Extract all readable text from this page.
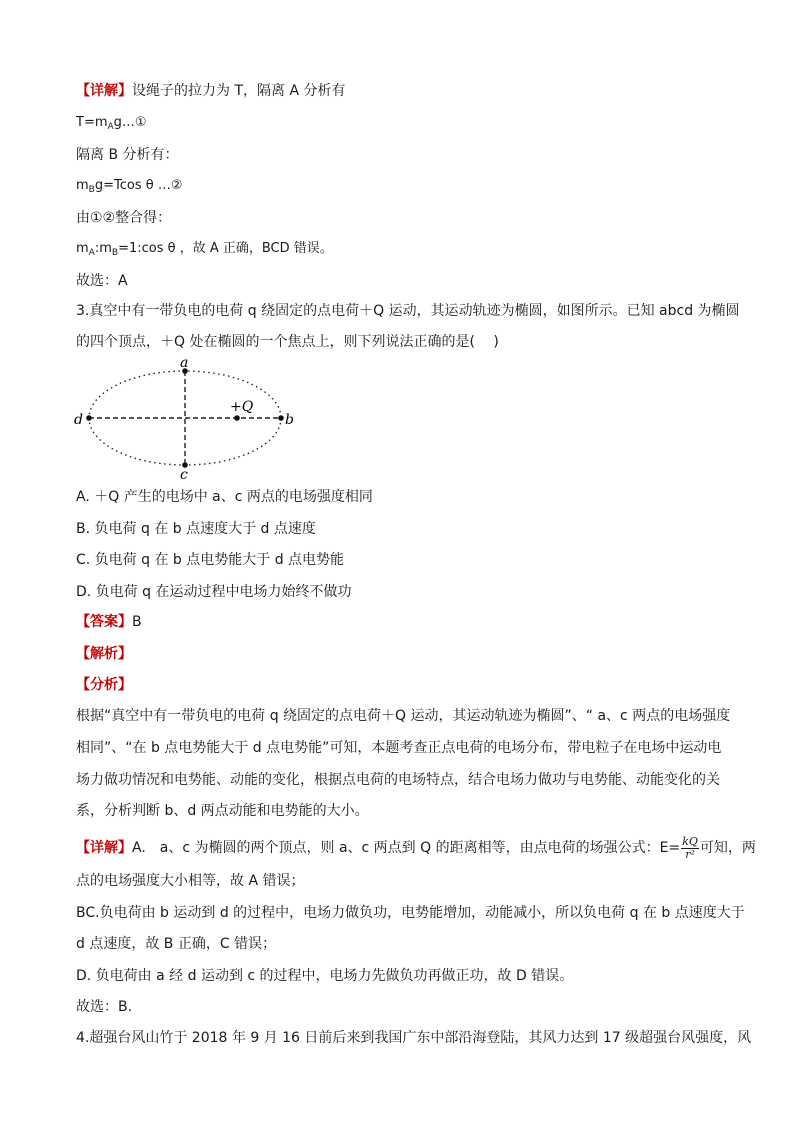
【详解】设绳子的拉力为 T，隔离 A 分析有
$T=m_Ag\dots ①$
隔离 B 分析有：
$m_Bg=Tcos$ θ …②
由①②整合得：
$m_A:m_B=1:\cos$ θ ，故 A 正确，BCD 错误。
故选：A
3.真空中有一带负电的电荷 q 绕固定的点电荷＋Q 运动，其运动轨迹为椭圆，如图所示。已知 abcd 为椭圆
的四个顶点，＋Q 处在椭圆的一个焦点上，则下列说法正确的是(　 )
a
b
c
d
+Q
A. ＋Q 产生的电场中 a、c 两点的电场强度相同
B. 负电荷 q 在 b 点速度大于 d 点速度
C. 负电荷 q 在 b 点电势能大于 d 点电势能
D. 负电荷 q 在运动过程中电场力始终不做功
【答案】B
【解析】
【分析】
根据“真空中有一带负电的电荷 q 绕固定的点电荷＋Q 运动，其运动轨迹为椭圆”、“ a、c 两点的电场强度
相同”、“在 b 点电势能大于 d 点电势能”可知，本题考查正点电荷的电场分布，带电粒子在电场中运动电
场力做功情况和电势能、动能的变化，根据点电荷的电场特点，结合电场力做功与电势能、动能变化的关
系，分析判断 b、d 两点动能和电势能的大小。
【详解】A.　a、c 为椭圆的两个顶点，则 a、c 两点到 Q 的距离相等，由点电荷的场强公式：$E= \frac{kQ}{\text{r²}}$ 可知，两
点的电场强度大小相等，故 A 错误；
BC.负电荷由 b 运动到 d 的过程中，电场力做负功，电势能增加，动能减小，所以负电荷 q 在 b 点速度大于
d 点速度，故 B 正确，C 错误；
D. 负电荷由 a 经 d 运动到 c 的过程中，电场力先做负功再做正功，故 D 错误。
故选：B.
4.超强台风山竹于 2018 年 9 月 16 日前后来到我国广东中部沿海登陆，其风力达到 17 级超强台风强度，风
